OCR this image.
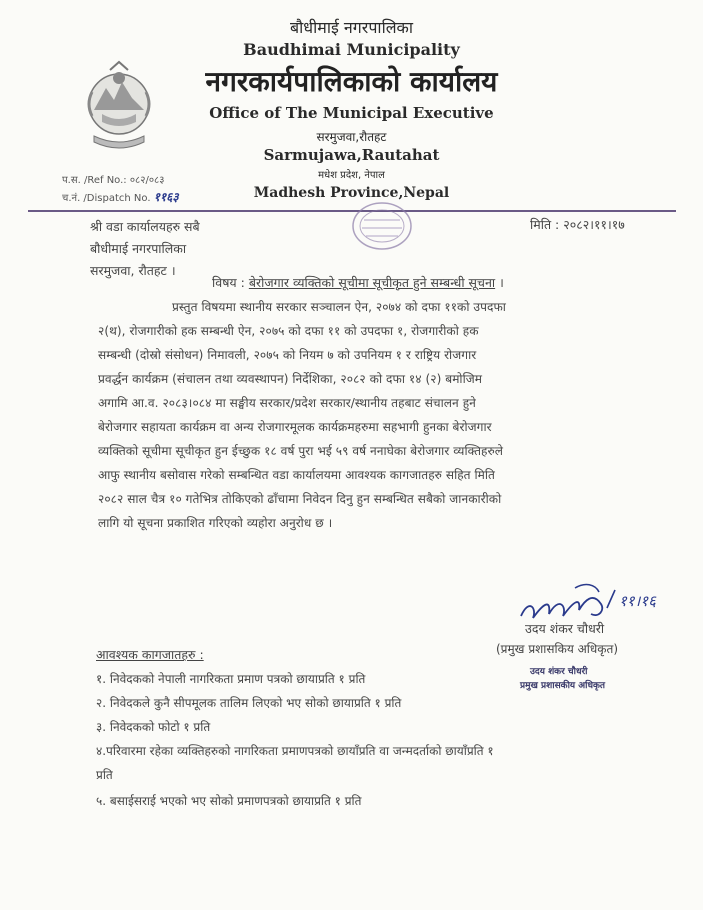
बौधीमाई नगरपालिका
Baudhimai Municipality
नगरकार्यपालिकाको कार्यालय
Office of The Municipal Executive
सरमुजवा,रौतहट
Sarmujawa,Rautahat
मधेश प्रदेश, नेपाल
Madhesh Province,Nepal
प.स. /Ref No.: ०८२/०८३
च.नं. /Dispatch No. ११६३
श्री वडा कार्यालयहरु सबै
बौधीमाई नगरपालिका
सरमुजवा, रौतहट ।
मिति : २०८२।११।१७
विषय : बेरोजगार व्यक्तिको सूचीमा सूचीकृत हुने सम्बन्धी सूचना ।
प्रस्तुत विषयमा स्थानीय सरकार सञ्चालन ऐन, २०७४ को दफा ११को उपदफा
२(थ), रोजगारीको हक सम्बन्धी ऐन, २०७५ को दफा ११ को उपदफा १, रोजगारीको हक
सम्बन्धी (दोस्रो संसोधन) निमावली, २०७५ को नियम ७ को उपनियम १ र राष्ट्रिय रोजगार
प्रवर्द्धन कार्यक्रम (संचालन तथा व्यवस्थापन) निर्देशिका, २०८२ को दफा १४ (२) बमोजिम
अगामि आ.व. २०८३।०८४ मा सङ्घीय सरकार/प्रदेश सरकार/स्थानीय तहबाट संचालन हुने
बेरोजगार सहायता कार्यक्रम वा अन्य रोजगारमूलक कार्यक्रमहरुमा सहभागी हुनका बेरोजगार
व्यक्तिको सूचीमा सूचीकृत हुन ईच्छुक १८ वर्ष पुरा भई ५९ वर्ष ननाघेका बेरोजगार व्यक्तिहरुले
आफु स्थानीय बसोवास गरेको सम्बन्धित वडा कार्यालयमा आवश्यक कागजातहरु सहित मिति
२०८२ साल चैत्र १० गतेभित्र तोकिएको ढाँचामा निवेदन दिनु हुन सम्बन्धित सबैको जानकारीको
लागि यो सूचना प्रकाशित गरिएको व्यहोरा अनुरोध छ ।
११।१६
उदय शंकर चौधरी
(प्रमुख प्रशासकिय अधिकृत)
उदय शंकर चौधरी
प्रमुख प्रशासकीय अधिकृत
आवश्यक कागजातहरु :
१. निवेदकको नेपाली नागरिकता प्रमाण पत्रको छायाप्रति १ प्रति
२. निवेदकले कुनै सीपमूलक तालिम लिएको भए सोको छायाप्रति १ प्रति
३. निवेदकको फोटो १ प्रति
४.परिवारमा रहेका व्यक्तिहरुको नागरिकता प्रमाणपत्रको छायाँप्रति वा जन्मदर्ताको छायाँप्रति १
प्रति
५. बसाईसराई भएको भए सोको प्रमाणपत्रको छायाप्रति १ प्रति
